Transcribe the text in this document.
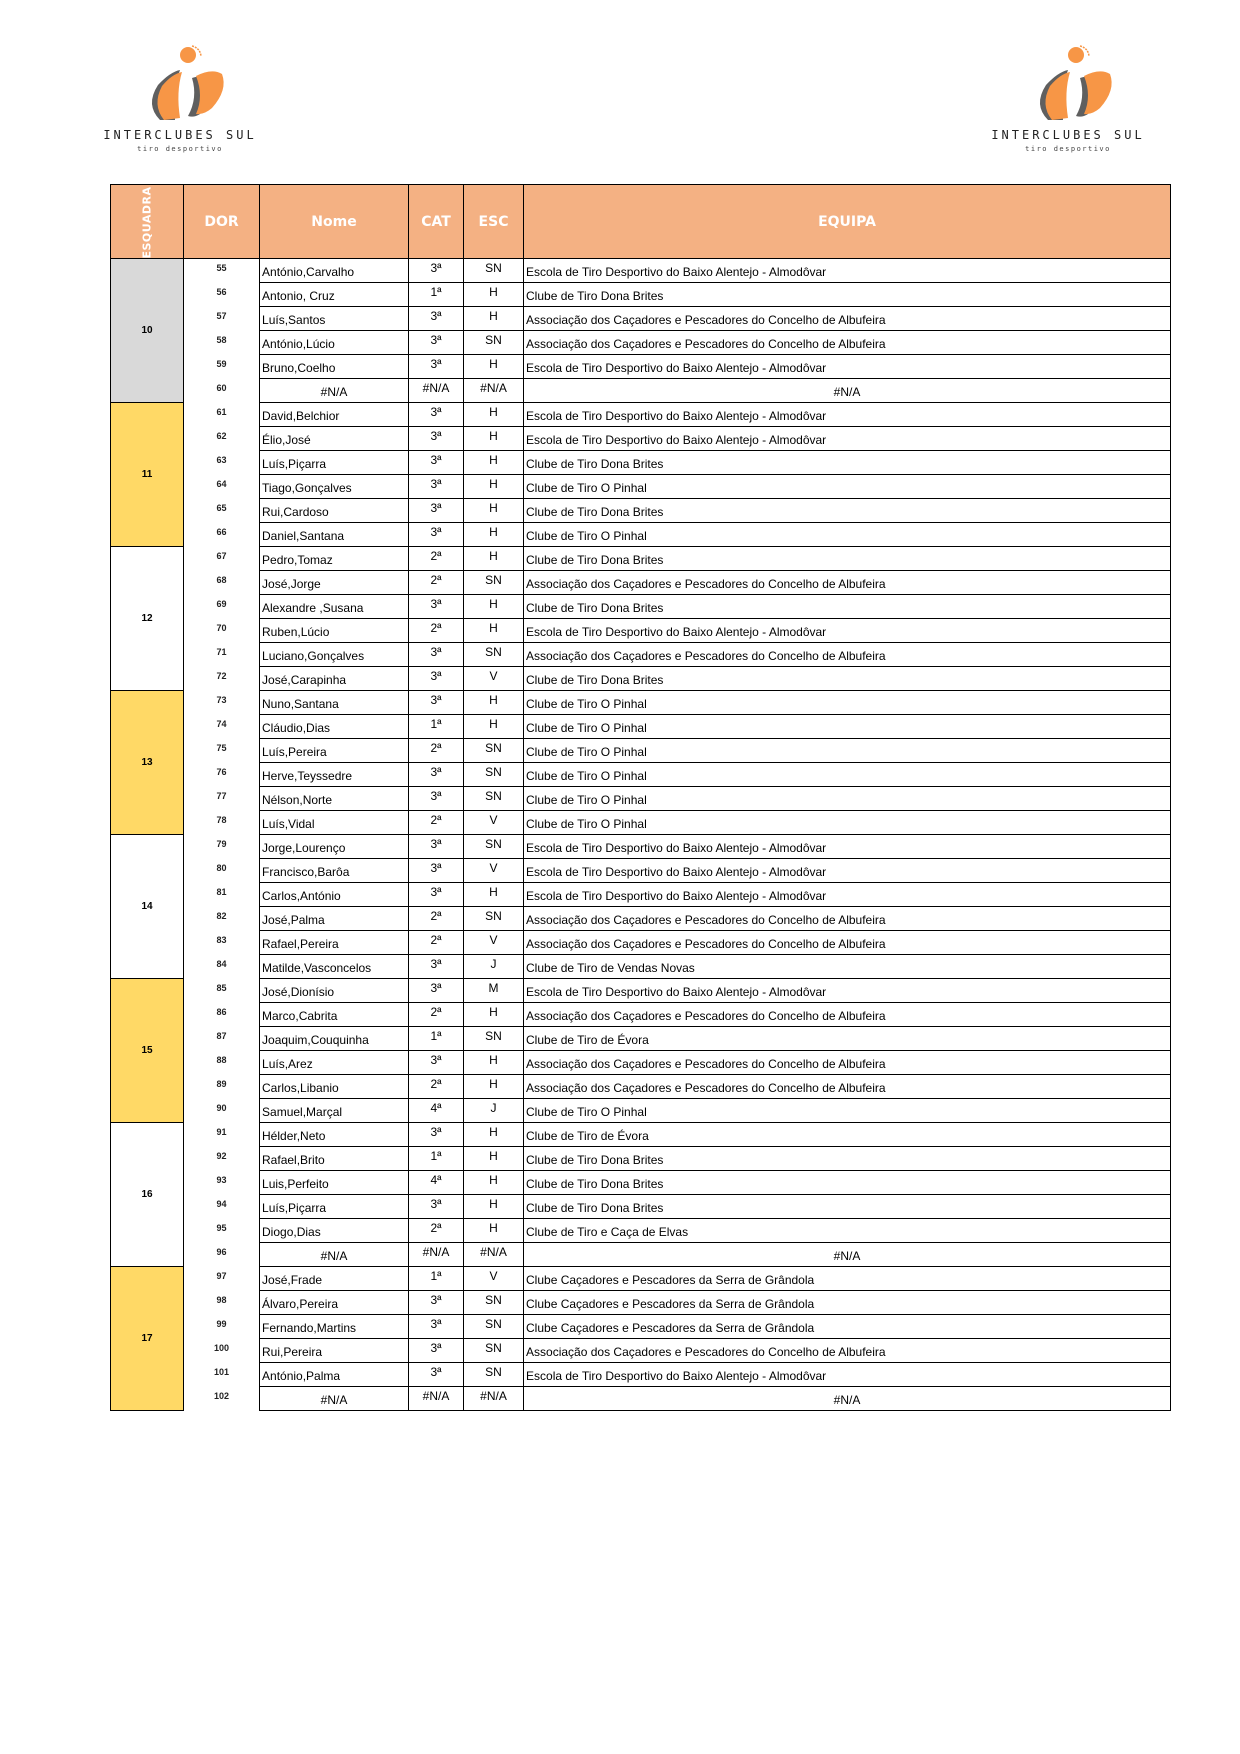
INTERCLUBES SUL
tiro desportivo
INTERCLUBES SUL
tiro desportivo
ESQUADRA	DOR	Nome	CAT	ESC	EQUIPA
10	55	António,Carvalho	3ª	SN	Escola de Tiro Desportivo do Baixo Alentejo - Almodôvar
	56	Antonio, Cruz	1ª	H	Clube de Tiro Dona Brites
	57	Luís,Santos	3ª	H	Associação dos Caçadores e Pescadores do Concelho de Albufeira
	58	António,Lúcio	3ª	SN	Associação dos Caçadores e Pescadores do Concelho de Albufeira
	59	Bruno,Coelho	3ª	H	Escola de Tiro Desportivo do Baixo Alentejo - Almodôvar
	60	#N/A	#N/A	#N/A	#N/A
11	61	David,Belchior	3ª	H	Escola de Tiro Desportivo do Baixo Alentejo - Almodôvar
	62	Élio,José	3ª	H	Escola de Tiro Desportivo do Baixo Alentejo - Almodôvar
	63	Luís,Piçarra	3ª	H	Clube de Tiro Dona Brites
	64	Tiago,Gonçalves	3ª	H	Clube de Tiro O Pinhal
	65	Rui,Cardoso	3ª	H	Clube de Tiro Dona Brites
	66	Daniel,Santana	3ª	H	Clube de Tiro O Pinhal
12	67	Pedro,Tomaz	2ª	H	Clube de Tiro Dona Brites
	68	José,Jorge	2ª	SN	Associação dos Caçadores e Pescadores do Concelho de Albufeira
	69	Alexandre ,Susana	3ª	H	Clube de Tiro Dona Brites
	70	Ruben,Lúcio	2ª	H	Escola de Tiro Desportivo do Baixo Alentejo - Almodôvar
	71	Luciano,Gonçalves	3ª	SN	Associação dos Caçadores e Pescadores do Concelho de Albufeira
	72	José,Carapinha	3ª	V	Clube de Tiro Dona Brites
13	73	Nuno,Santana	3ª	H	Clube de Tiro O Pinhal
	74	Cláudio,Dias	1ª	H	Clube de Tiro O Pinhal
	75	Luís,Pereira	2ª	SN	Clube de Tiro O Pinhal
	76	Herve,Teyssedre	3ª	SN	Clube de Tiro O Pinhal
	77	Nélson,Norte	3ª	SN	Clube de Tiro O Pinhal
	78	Luís,Vidal	2ª	V	Clube de Tiro O Pinhal
14	79	Jorge,Lourenço	3ª	SN	Escola de Tiro Desportivo do Baixo Alentejo - Almodôvar
	80	Francisco,Barôa	3ª	V	Escola de Tiro Desportivo do Baixo Alentejo - Almodôvar
	81	Carlos,António	3ª	H	Escola de Tiro Desportivo do Baixo Alentejo - Almodôvar
	82	José,Palma	2ª	SN	Associação dos Caçadores e Pescadores do Concelho de Albufeira
	83	Rafael,Pereira	2ª	V	Associação dos Caçadores e Pescadores do Concelho de Albufeira
	84	Matilde,Vasconcelos	3ª	J	Clube de Tiro de Vendas Novas
15	85	José,Dionísio	3ª	M	Escola de Tiro Desportivo do Baixo Alentejo - Almodôvar
	86	Marco,Cabrita	2ª	H	Associação dos Caçadores e Pescadores do Concelho de Albufeira
	87	Joaquim,Couquinha	1ª	SN	Clube de Tiro de Évora
	88	Luís,Arez	3ª	H	Associação dos Caçadores e Pescadores do Concelho de Albufeira
	89	Carlos,Libanio	2ª	H	Associação dos Caçadores e Pescadores do Concelho de Albufeira
	90	Samuel,Marçal	4ª	J	Clube de Tiro O Pinhal
16	91	Hélder,Neto	3ª	H	Clube de Tiro de Évora
	92	Rafael,Brito	1ª	H	Clube de Tiro Dona Brites
	93	Luis,Perfeito	4ª	H	Clube de Tiro Dona Brites
	94	Luís,Piçarra	3ª	H	Clube de Tiro Dona Brites
	95	Diogo,Dias	2ª	H	Clube de Tiro e Caça de Elvas
	96	#N/A	#N/A	#N/A	#N/A
17	97	José,Frade	1ª	V	Clube Caçadores e Pescadores da Serra de Grândola
	98	Álvaro,Pereira	3ª	SN	Clube Caçadores e Pescadores da Serra de Grândola
	99	Fernando,Martins	3ª	SN	Clube Caçadores e Pescadores da Serra de Grândola
	100	Rui,Pereira	3ª	SN	Associação dos Caçadores e Pescadores do Concelho de Albufeira
	101	António,Palma	3ª	SN	Escola de Tiro Desportivo do Baixo Alentejo - Almodôvar
	102	#N/A	#N/A	#N/A	#N/A
